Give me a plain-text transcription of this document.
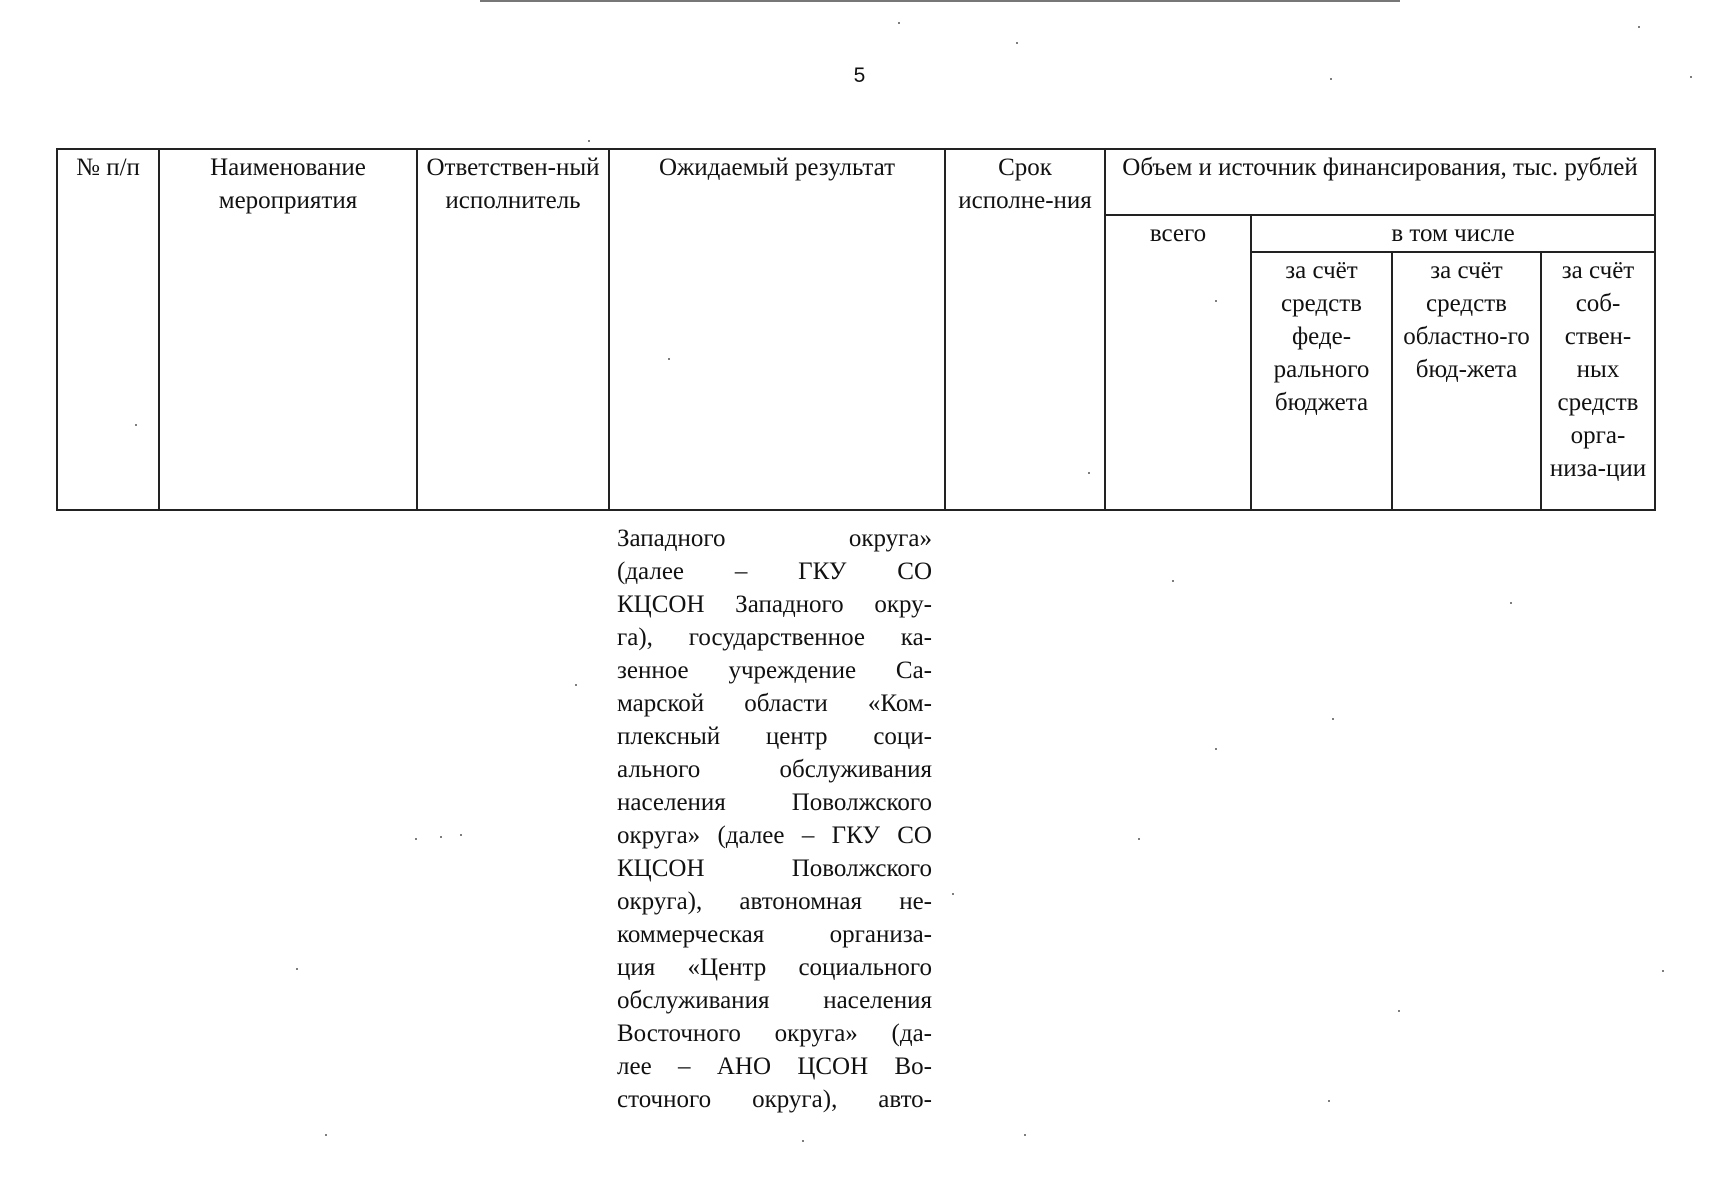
5
№ п/п	Наименование мероприятия	Ответствен-ный исполнитель	Ожидаемый результат	Срок исполне-ния	Объем и источник финансирования, тыс. рублей			
					всего	в том числе		
						за счёт средств феде-рального бюджета	за счёт средств областно-го бюд-жета	за счёт соб-ствен-ных средств орга-низа-ции
Западного округа»
(далее – ГКУ СО
КЦСОН Западного окру-
га), государственное ка-
зенное учреждение Са-
марской области «Ком-
плексный центр соци-
ального обслуживания
населения Поволжского
округа» (далее – ГКУ СО
КЦСОН Поволжского
округа), автономная не-
коммерческая организа-
ция «Центр социального
обслуживания населения
Восточного округа» (да-
лее – АНО ЦСОН Во-
сточного округа), авто-
